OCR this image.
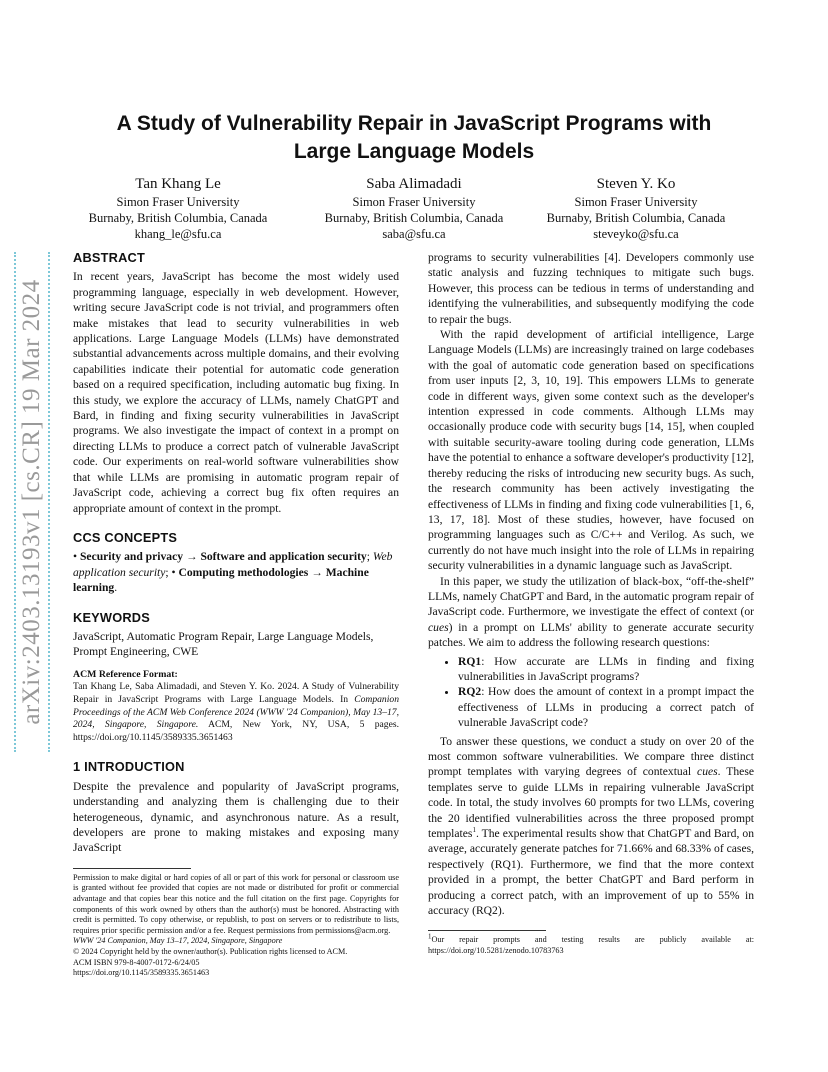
arXiv:2403.13193v1 [cs.CR] 19 Mar 2024
A Study of Vulnerability Repair in JavaScript Programs with
Large Language Models
Tan Khang Le
Simon Fraser University
Burnaby, British Columbia, Canada
khang_le@sfu.ca
Saba Alimadadi
Simon Fraser University
Burnaby, British Columbia, Canada
saba@sfu.ca
Steven Y. Ko
Simon Fraser University
Burnaby, British Columbia, Canada
steveyko@sfu.ca
ABSTRACT

In recent years, JavaScript has become the most widely used programming language, especially in web development. However, writing secure JavaScript code is not trivial, and programmers often make mistakes that lead to security vulnerabilities in web applications. Large Language Models (LLMs) have demonstrated substantial advancements across multiple domains, and their evolving capabilities indicate their potential for automatic code generation based on a required specification, including automatic bug fixing. In this study, we explore the accuracy of LLMs, namely ChatGPT and Bard, in finding and fixing security vulnerabilities in JavaScript programs. We also investigate the impact of context in a prompt on directing LLMs to produce a correct patch of vulnerable JavaScript code. Our experiments on real-world software vulnerabilities show that while LLMs are promising in automatic program repair of JavaScript code, achieving a correct bug fix often requires an appropriate amount of context in the prompt.

CCS CONCEPTS

• Security and privacy → Software and application security; Web application security; • Computing methodologies → Machine learning.

KEYWORDS

JavaScript, Automatic Program Repair, Large Language Models, Prompt Engineering, CWE

ACM Reference Format:

Tan Khang Le, Saba Alimadadi, and Steven Y. Ko. 2024. A Study of Vulnerability Repair in JavaScript Programs with Large Language Models. In Companion Proceedings of the ACM Web Conference 2024 (WWW '24 Companion), May 13–17, 2024, Singapore, Singapore. ACM, New York, NY, USA, 5 pages. https://doi.org/10.1145/3589335.3651463

1 INTRODUCTION

Despite the prevalence and popularity of JavaScript programs, understanding and analyzing them is challenging due to their heterogeneous, dynamic, and asynchronous nature. As a result, developers are prone to making mistakes and exposing many JavaScript

Permission to make digital or hard copies of all or part of this work for personal or classroom use is granted without fee provided that copies are not made or distributed for profit or commercial advantage and that copies bear this notice and the full citation on the first page. Copyrights for components of this work owned by others than the author(s) must be honored. Abstracting with credit is permitted. To copy otherwise, or republish, to post on servers or to redistribute to lists, requires prior specific permission and/or a fee. Request permissions from permissions@acm.org.

WWW '24 Companion, May 13–17, 2024, Singapore, Singapore
© 2024 Copyright held by the owner/author(s). Publication rights licensed to ACM.
ACM ISBN 979-8-4007-0172-6/24/05
https://doi.org/10.1145/3589335.3651463

programs to security vulnerabilities [4]. Developers commonly use static analysis and fuzzing techniques to mitigate such bugs. However, this process can be tedious in terms of understanding and identifying the vulnerabilities, and subsequently modifying the code to repair the bugs.

With the rapid development of artificial intelligence, Large Language Models (LLMs) are increasingly trained on large codebases with the goal of automatic code generation based on specifications from user inputs [2, 3, 10, 19]. This empowers LLMs to generate code in different ways, given some context such as the developer's intention expressed in code comments. Although LLMs may occasionally produce code with security bugs [14, 15], when coupled with suitable security-aware tooling during code generation, LLMs have the potential to enhance a software developer's productivity [12], thereby reducing the risks of introducing new security bugs. As such, the research community has been actively investigating the effectiveness of LLMs in finding and fixing code vulnerabilities [1, 6, 13, 17, 18]. Most of these studies, however, have focused on programming languages such as C/C++ and Verilog. As such, we currently do not have much insight into the role of LLMs in repairing security vulnerabilities in a dynamic language such as JavaScript.

In this paper, we study the utilization of black-box, “off-the-shelf” LLMs, namely ChatGPT and Bard, in the automatic program repair of JavaScript code. Furthermore, we investigate the effect of context (or cues) in a prompt on LLMs' ability to generate accurate security patches. We aim to address the following research questions:

• RQ1: How accurate are LLMs in finding and fixing vulnerabilities in JavaScript programs?
• RQ2: How does the amount of context in a prompt impact the effectiveness of LLMs in producing a correct patch of vulnerable JavaScript code?

To answer these questions, we conduct a study on over 20 of the most common software vulnerabilities. We compare three distinct prompt templates with varying degrees of contextual cues. These templates serve to guide LLMs in repairing vulnerable JavaScript code. In total, the study involves 60 prompts for two LLMs, covering the 20 identified vulnerabilities across the three proposed prompt templates$^1$. The experimental results show that ChatGPT and Bard, on average, accurately generate patches for 71.66% and 68.33% of cases, respectively (RQ1). Furthermore, we find that the more context provided in a prompt, the better ChatGPT and Bard perform in producing a correct patch, with an improvement of up to 55% in accuracy (RQ2).

$^1$Our repair prompts and testing results are publicly available at: https://doi.org/10.5281/zenodo.10783763
